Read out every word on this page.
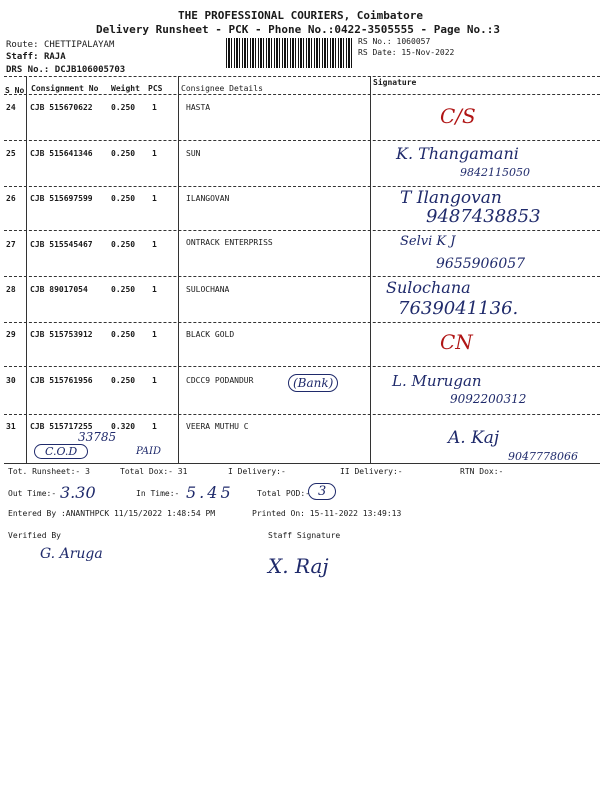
THE PROFESSIONAL COURIERS, Coimbatore
Delivery Runsheet - PCK - Phone No.:0422-3505555 - Page No.:3
Route: CHETTIPALAYAM
Staff: RAJA
DRS No.: DCJB106005703
RS No.: 1060057
RS Date: 15-Nov-2022
S No Consignment No Weight PCS Consignee Details
Signature
24 CJB 515670622 0.250 1	HASTA	C/S
25 CJB 515641346 0.250 1	SUN	K. Thangamani
9842115050
26 CJB 515697599 0.250 1	ILANGOVAN	T Ilangovan
9487438853
27 CJB 515545467 0.250 1	ONTRACK ENTERPRISS	Selvi K J
9655906057
28 CJB 89017054	0.250 1	SULOCHANA	Sulochana
7639041136.
29 CJB 515753912 0.250 1	BLACK GOLD	CN
30 CJB 515761956 0.250 1	CDCC9 PODANDUR	(Bank)	L. Murugan
9092200312
31 CJB 515717255 0.320 1	VEERA MUTHU C
33785
C.O.D	PAID
A. Kaj
9047778066
Tot. Runsheet:- 3	Total Dox:- 31	I Delivery:-	II Delivery:-	RTN Dox:-
Out Time:- 3.30	In Time:- 5.45	Total POD:- 3
Entered By :ANANTHPCK 11/15/2022 1:48:54 PM	Printed On: 15-11-2022 13:49:13
Verified By	Staff Signature
G. Aruga	X. Raj
